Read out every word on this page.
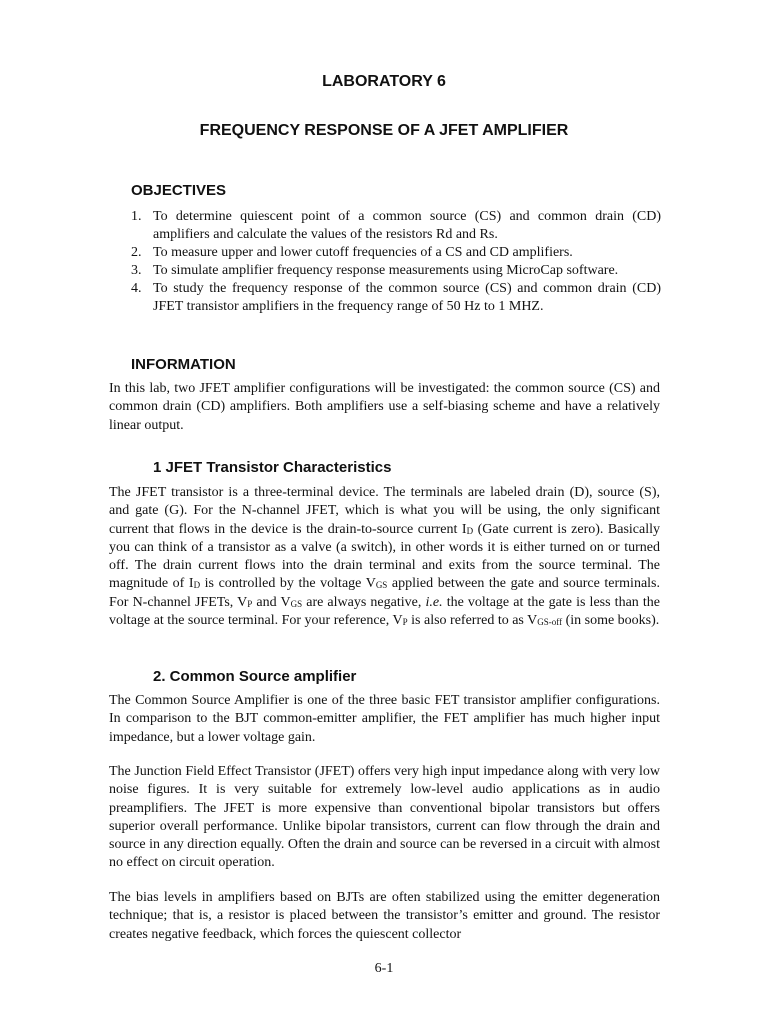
LABORATORY 6
FREQUENCY RESPONSE OF A JFET AMPLIFIER
OBJECTIVES
1. To determine quiescent point of a common source (CS) and common drain (CD) amplifiers and calculate the values of the resistors Rd and Rs.
2. To measure upper and lower cutoff frequencies of a CS and CD amplifiers.
3. To simulate amplifier frequency response measurements using MicroCap software.
4. To study the frequency response of the common source (CS) and common drain (CD) JFET transistor amplifiers in the frequency range of 50 Hz to 1 MHZ.
INFORMATION

In this lab, two JFET amplifier configurations will be investigated: the common source (CS) and common drain (CD) amplifiers. Both amplifiers use a self-biasing scheme and have a relatively linear output.

1 JFET Transistor Characteristics

The JFET transistor is a three-terminal device. The terminals are labeled drain (D), source (S), and gate (G). For the N-channel JFET, which is what you will be using, the only significant current that flows in the device is the drain-to-source current $I_D$ (Gate current is zero). Basically you can think of a transistor as a valve (a switch), in other words it is either turned on or turned off. The drain current flows into the drain terminal and exits from the source terminal. The magnitude of $I_D$ is controlled by the voltage $V_{GS}$ applied between the gate and source terminals. For N-channel JFETs, $V_P$ and $V_{GS}$ are always negative, i.e. the voltage at the gate is less than the voltage at the source terminal. For your reference, $V_P$ is also referred to as $V_{GS-off}$ (in some books).

2. Common Source amplifier

The Common Source Amplifier is one of the three basic FET transistor amplifier configurations. In comparison to the BJT common-emitter amplifier, the FET amplifier has much higher input impedance, but a lower voltage gain.

The Junction Field Effect Transistor (JFET) offers very high input impedance along with very low noise figures. It is very suitable for extremely low-level audio applications as in audio preamplifiers. The JFET is more expensive than conventional bipolar transistors but offers superior overall performance. Unlike bipolar transistors, current can flow through the drain and source in any direction equally. Often the drain and source can be reversed in a circuit with almost no effect on circuit operation.

The bias levels in amplifiers based on BJTs are often stabilized using the emitter degeneration technique; that is, a resistor is placed between the transistor’s emitter and ground. The resistor creates negative feedback, which forces the quiescent collector

6-1
